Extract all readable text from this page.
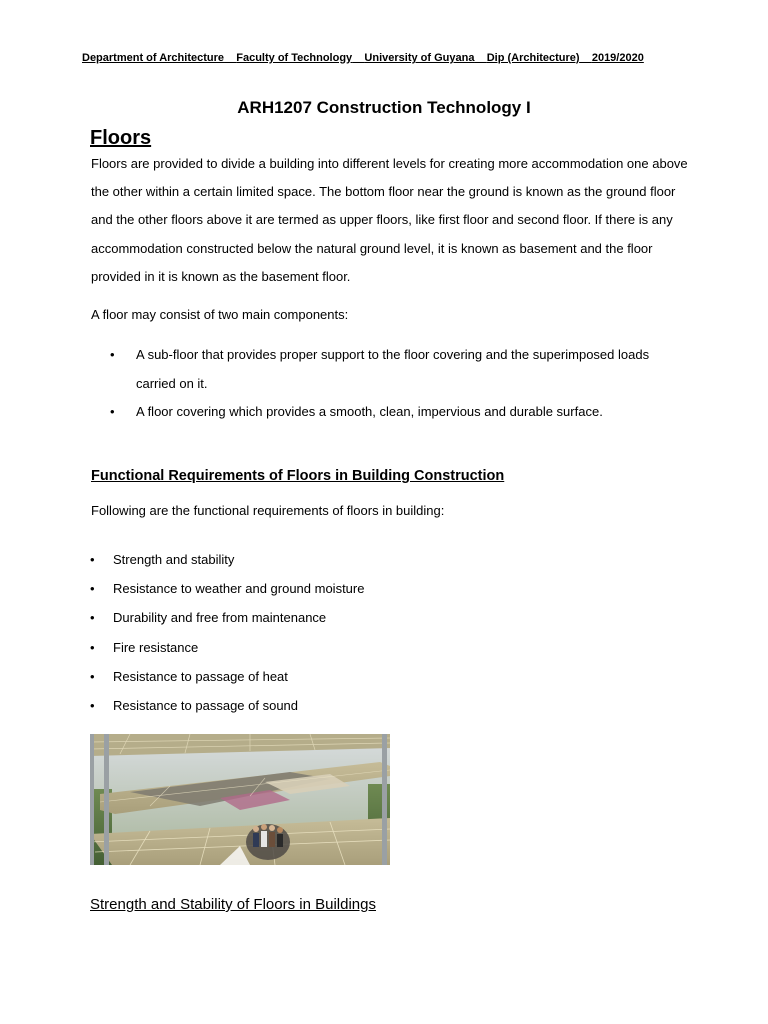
Department of Architecture Faculty of Technology University of Guyana Dip (Architecture) 2019/2020
ARH1207 Construction Technology I
Floors
Floors are provided to divide a building into different levels for creating more accommodation one above the other within a certain limited space. The bottom floor near the ground is known as the ground floor and the other floors above it are termed as upper floors, like first floor and second floor. If there is any accommodation constructed below the natural ground level, it is known as basement and the floor provided in it is known as the basement floor.
A floor may consist of two main components:
• A sub-floor that provides proper support to the floor covering and the superimposed loads    carried on it.
• A floor covering which provides a smooth, clean, impervious and durable surface.
Functional Requirements of Floors in Building Construction
Following are the functional requirements of floors in building:
• Strength and stability
• Resistance to weather and ground moisture
• Durability and free from maintenance
• Fire resistance
• Resistance to passage of heat
• Resistance to passage of sound
Strength and Stability of Floors in Buildings
